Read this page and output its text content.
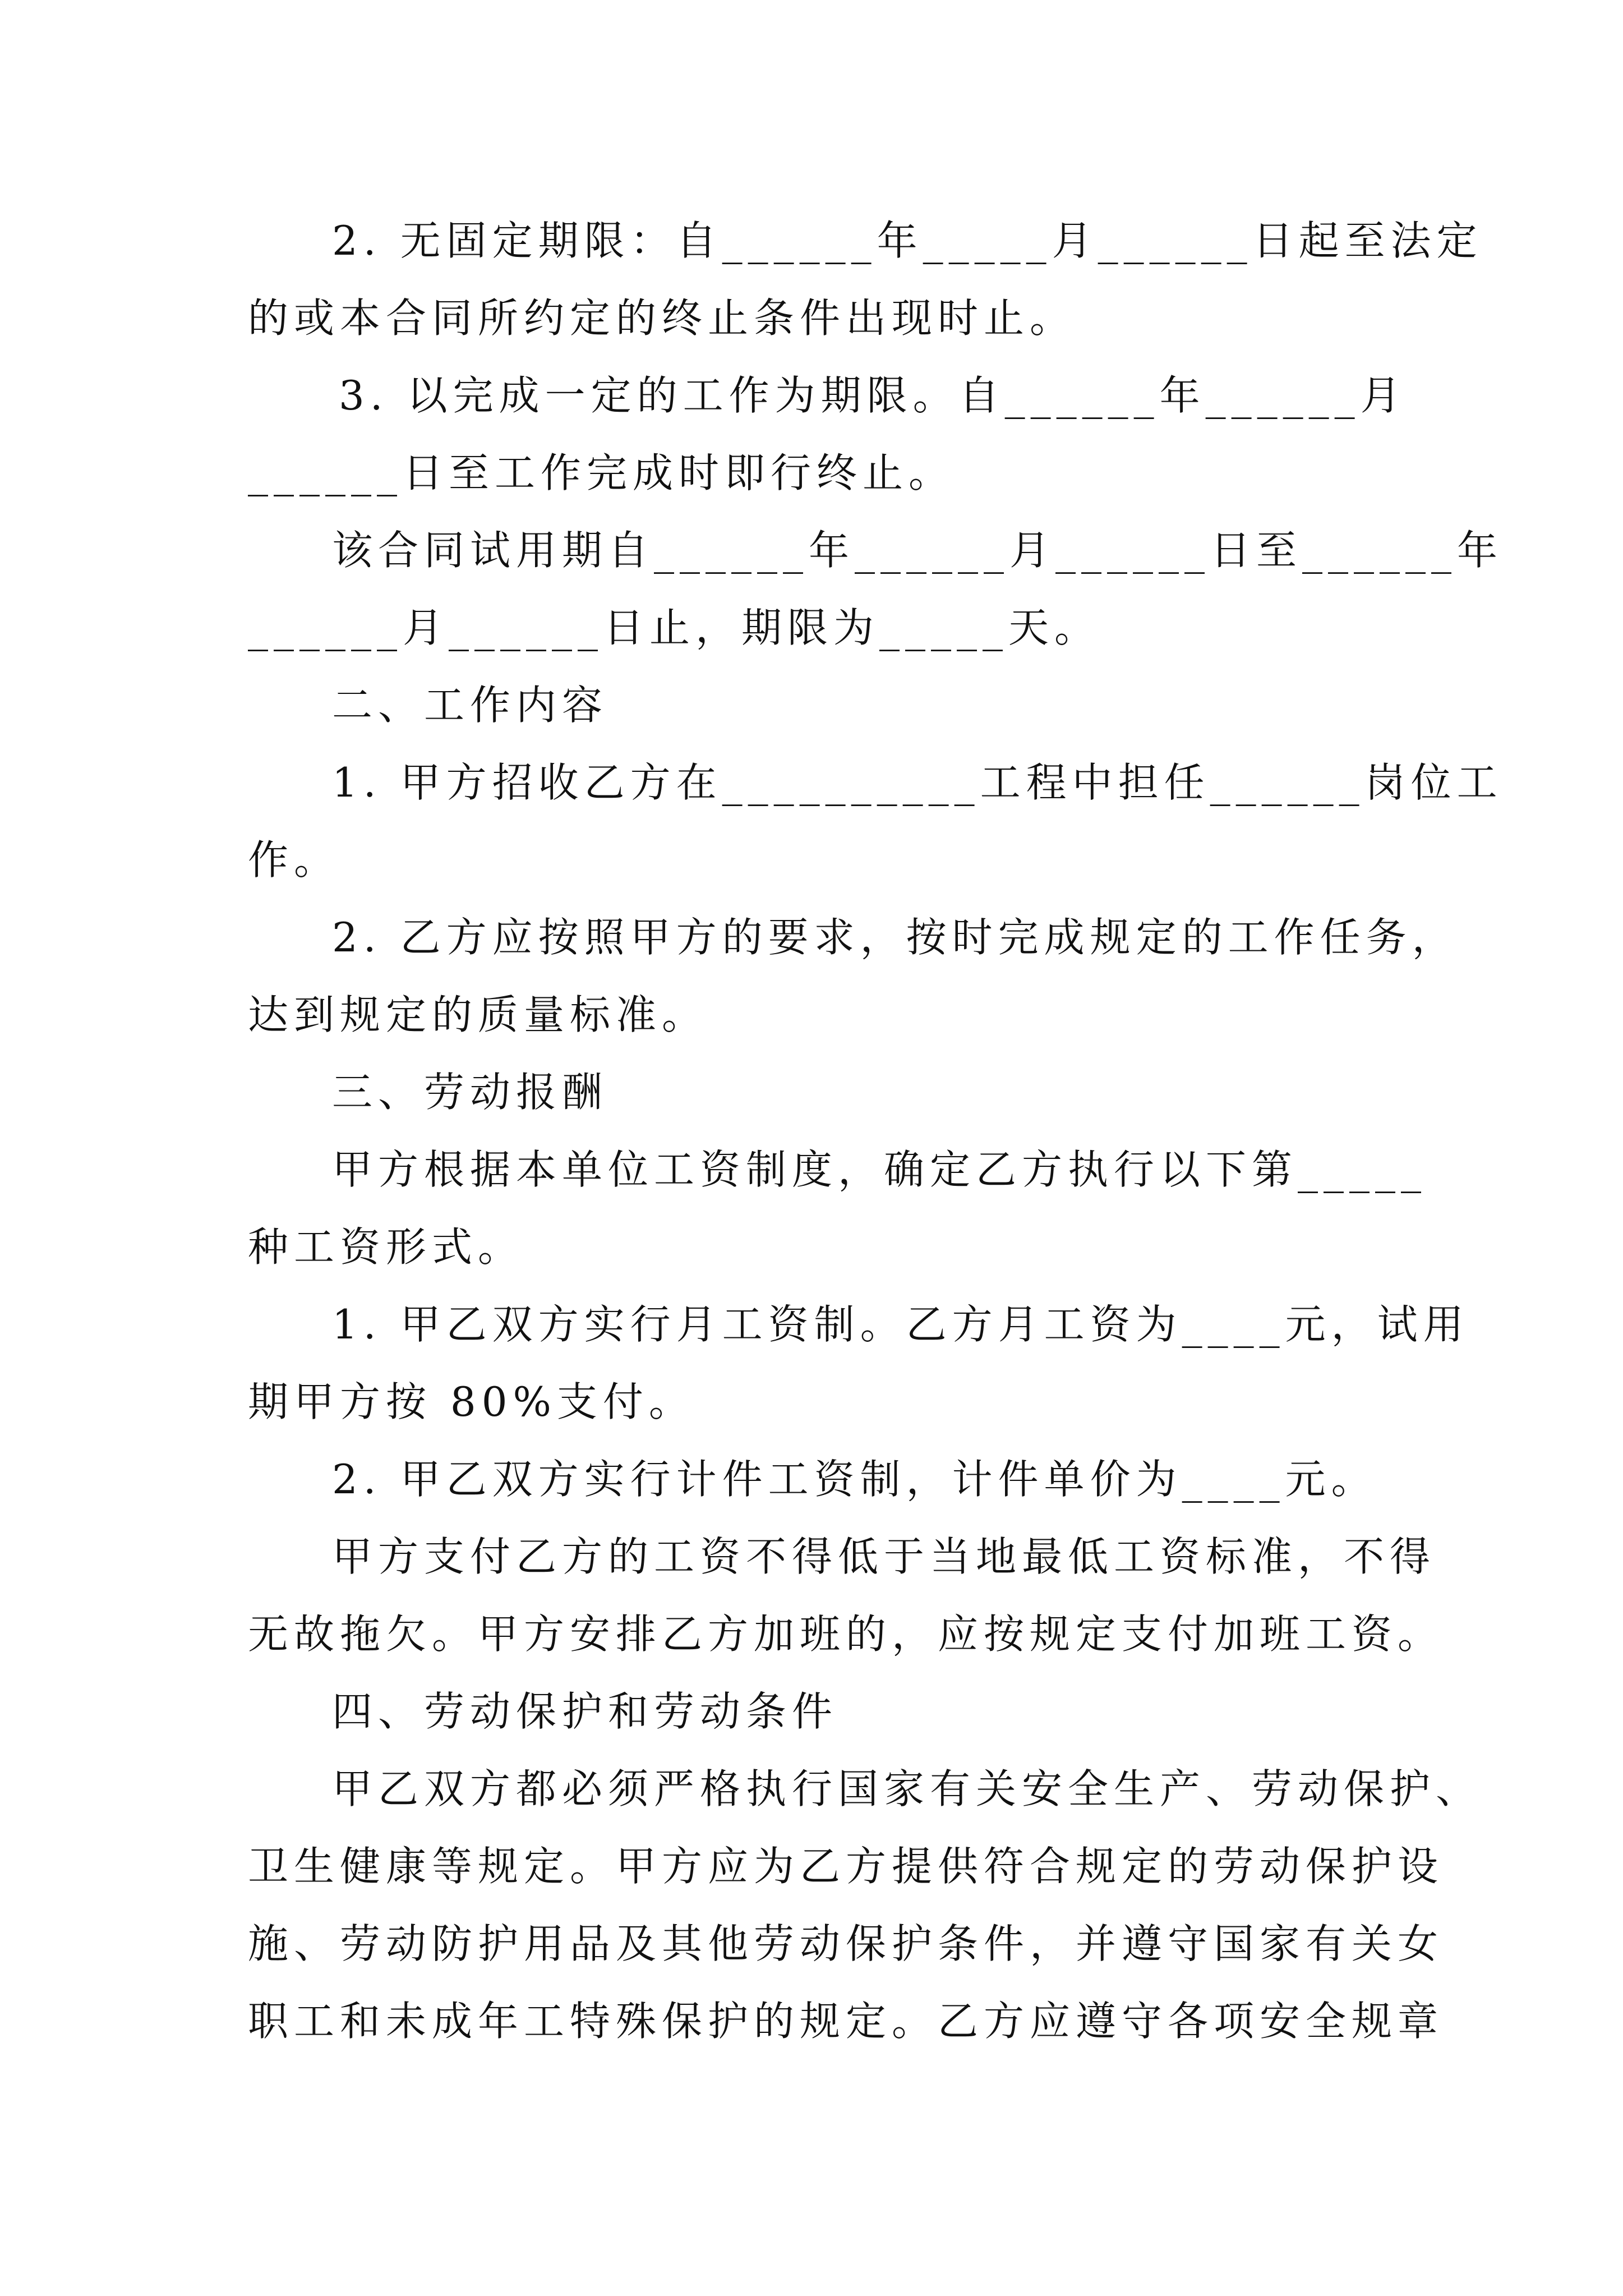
2. 无固定期限：自______年_____月______日起至法定
的或本合同所约定的终止条件出现时止。
3. 以完成一定的工作为期限。自______年______月
______日至工作完成时即行终止。
该合同试用期自______年______月______日至______年
______月______日止，期限为_____天。
二、工作内容
1. 甲方招收乙方在__________工程中担任______岗位工
作。
2. 乙方应按照甲方的要求，按时完成规定的工作任务，
达到规定的质量标准。
三、劳动报酬
甲方根据本单位工资制度，确定乙方执行以下第_____
种工资形式。
1. 甲乙双方实行月工资制。乙方月工资为____元，试用
期甲方按 80%支付。
2. 甲乙双方实行计件工资制，计件单价为____元。
甲方支付乙方的工资不得低于当地最低工资标准，不得
无故拖欠。甲方安排乙方加班的，应按规定支付加班工资。
四、劳动保护和劳动条件
甲乙双方都必须严格执行国家有关安全生产、劳动保护、
卫生健康等规定。甲方应为乙方提供符合规定的劳动保护设
施、劳动防护用品及其他劳动保护条件，并遵守国家有关女
职工和未成年工特殊保护的规定。乙方应遵守各项安全规章
